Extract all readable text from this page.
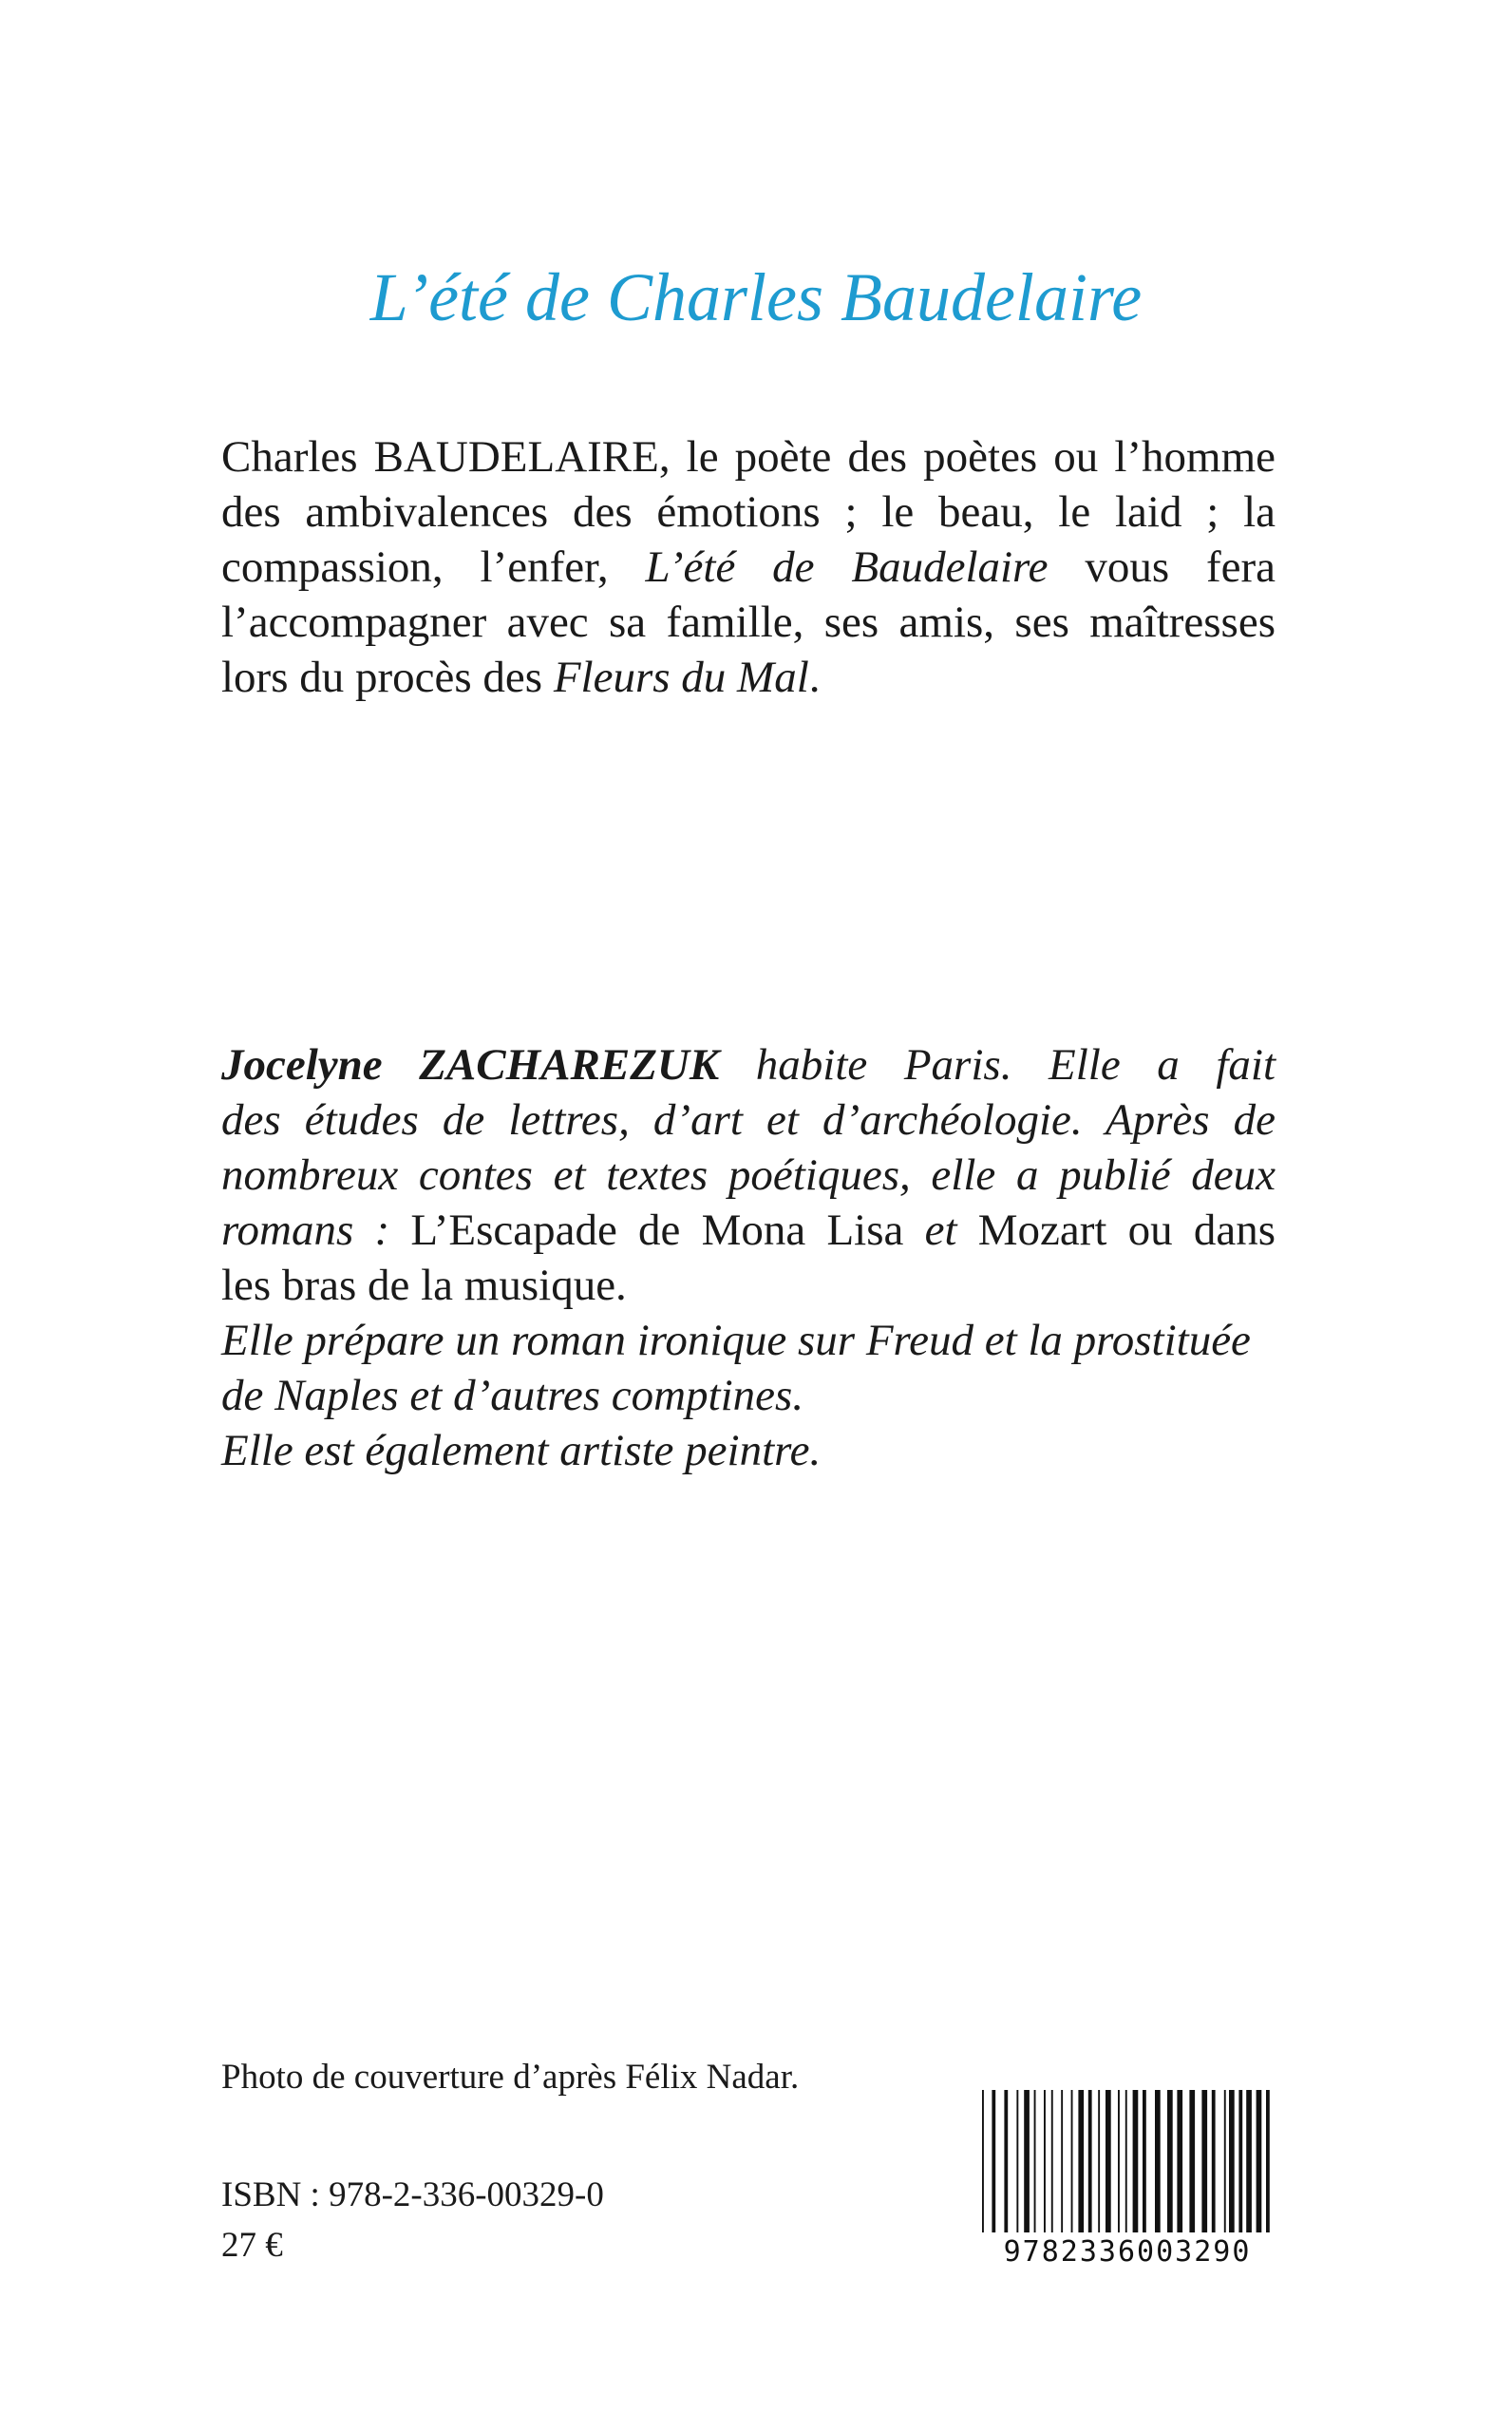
L’été de Charles Baudelaire
Charles BAUDELAIRE, le poète des poètes ou l’homme
des ambivalences des émotions ; le beau, le laid ; la
compassion, l’enfer, L’été de Baudelaire vous fera
l’accompagner avec sa famille, ses amis, ses maîtresses
lors du procès des Fleurs du Mal.
Jocelyne ZACHAREZUK habite Paris. Elle a fait
des études de lettres, d’art et d’archéologie. Après de
nombreux contes et textes poétiques, elle a publié deux
romans : L’Escapade de Mona Lisa et Mozart ou dans
les bras de la musique.
Elle prépare un roman ironique sur Freud et la prostituée
de Naples et d’autres comptines.
Elle est également artiste peintre.
Photo de couverture d’après Félix Nadar.
ISBN : 978-2-336-00329-0
27 €	9782336003290
